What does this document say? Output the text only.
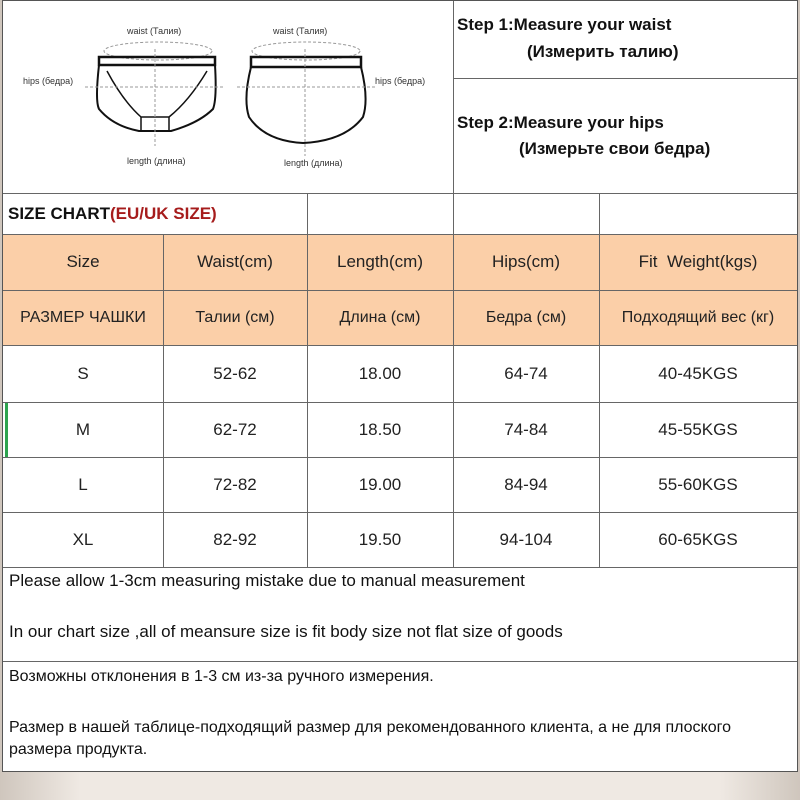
waist (Талия)
hips (бедра)
length (длина)
waist (Талия)
hips (бедра)
length (длина)
Step 1:Measure your waist
(Измерить талию)
Step 2:Measure your hips
(Измерьте свои бедра)
SIZE CHART(EU/UK SIZE)
Size	Waist(cm)	Length(cm)	Hips(cm)	Fit  Weight(kgs)
РАЗМЕР ЧАШКИ	Талии (см)	Длина (см)	Бедра (см)	Подходящий вес (кг)
S	52-62	18.00	64-74	40-45KGS
M	62-72	18.50	74-84	45-55KGS
L	72-82	19.00	84-94	55-60KGS
XL	82-92	19.50	94-104	60-65KGS
Please allow 1-3cm measuring mistake due to manual measurement
In our chart size ,all of meansure size is fit body size not flat size of goods
Возможны отклонения в 1-3 см из-за ручного измерения.
Размер в нашей таблице-подходящий размер для рекомендованного клиента, а не для плоского размера продукта.
